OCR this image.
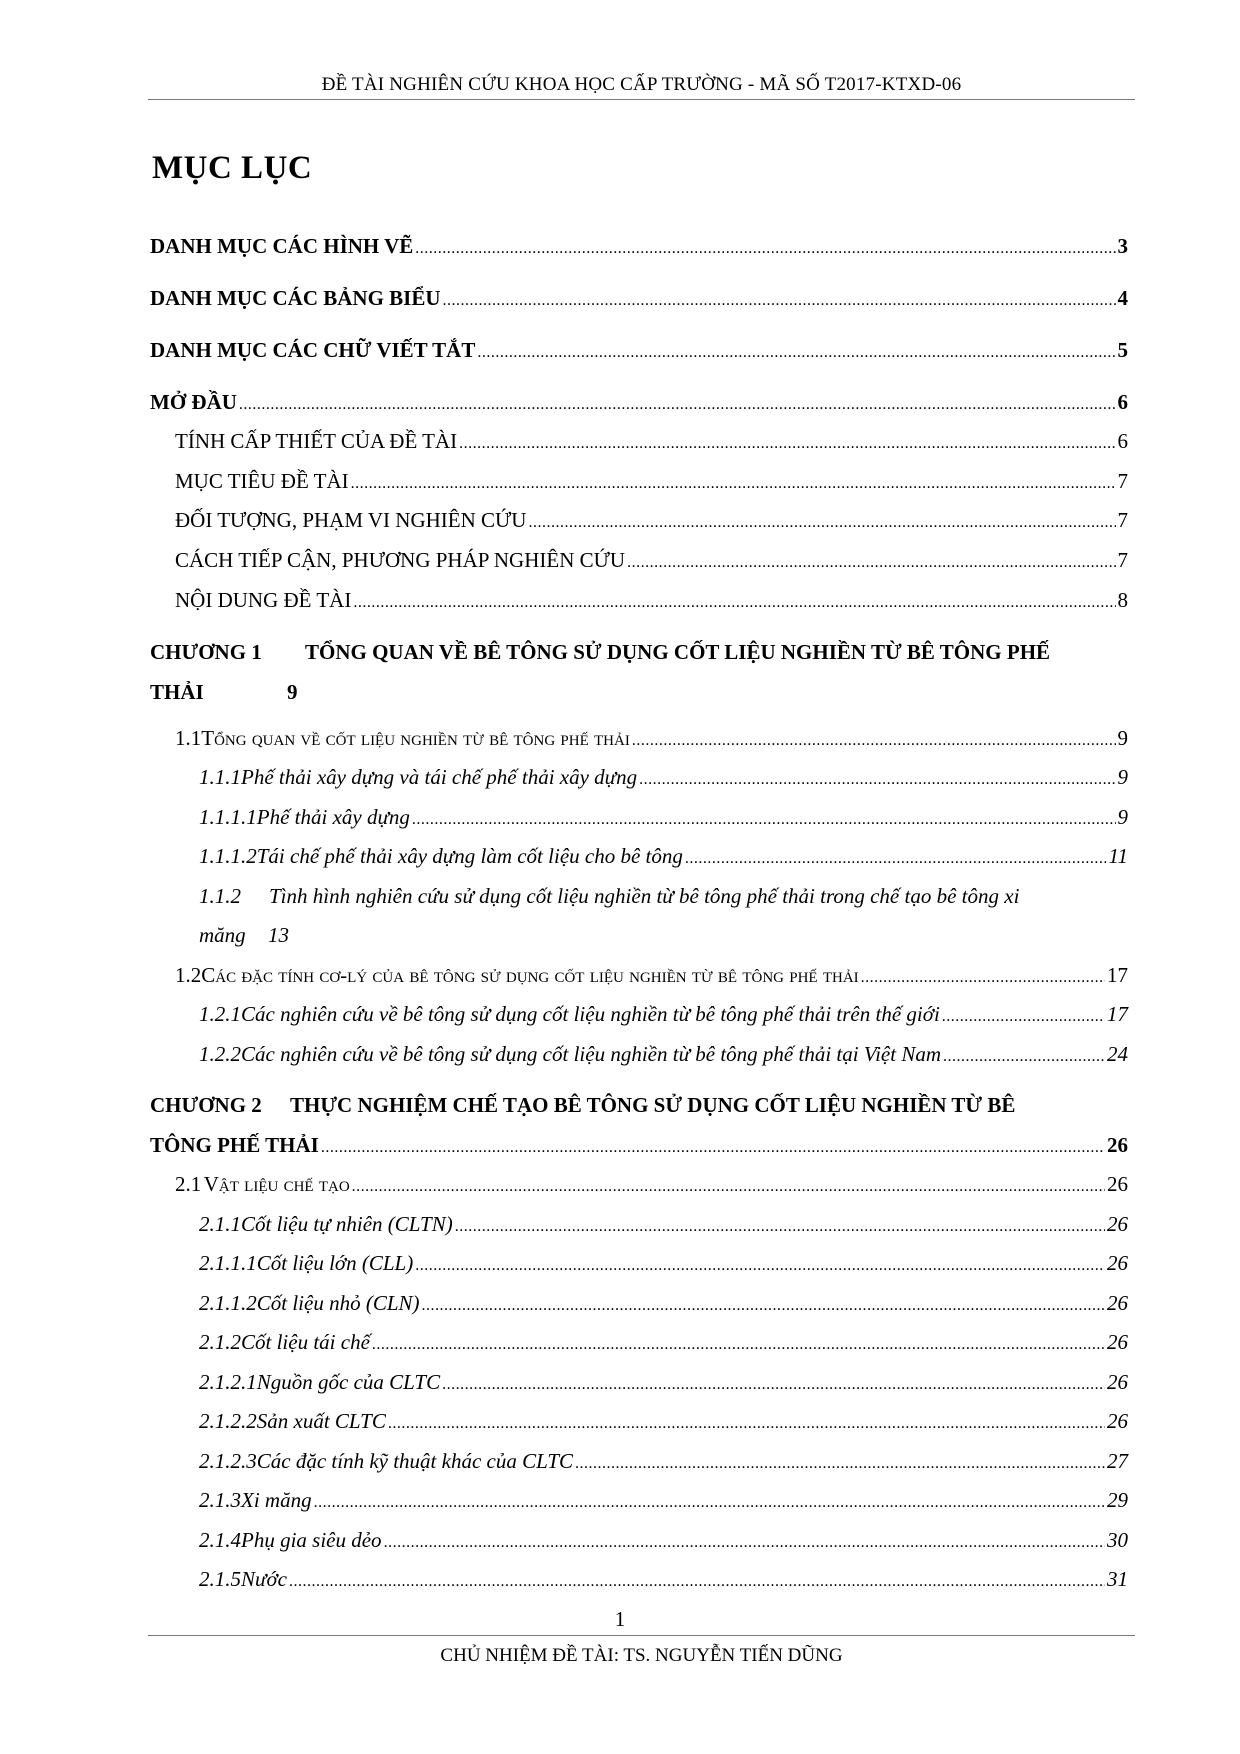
ĐỀ TÀI NGHIÊN CỨU KHOA HỌC CẤP TRƯỜNG - MÃ SỐ T2017-KTXD-06
MỤC LỤC
DANH MỤC CÁC HÌNH VẼ .....	3
DANH MỤC CÁC BẢNG BIỂU .....	4
DANH MỤC CÁC CHỮ VIẾT TẮT .....	5
MỞ ĐẦU .....	6
TÍNH CẤP THIẾT CỦA ĐỀ TÀI .....	6
MỤC TIÊU ĐỀ TÀI .....	7
ĐỐI TƯỢNG, PHẠM VI NGHIÊN CỨU .....	7
CÁCH TIẾP CẬN, PHƯƠNG PHÁP NGHIÊN CỨU .....	7
NỘI DUNG ĐỀ TÀI .....	8
CHƯƠNG 1 TỔNG QUAN VỀ BÊ TÔNG SỬ DỤNG CỐT LIỆU NGHIỀN TỪ BÊ TÔNG PHẾ
THẢI	9
1.1 Tổng quan về cốt liệu nghiền từ bê tông phế thải .....	9
1.1.1 Phế thải xây dựng và tái chế phế thải xây dựng .....	9
1.1.1.1 Phế thải xây dựng .....	9
1.1.1.2 Tái chế phế thải xây dựng làm cốt liệu cho bê tông .....	11
1.1.2 Tình hình nghiên cứu sử dụng cốt liệu nghiền từ bê tông phế thải trong chế tạo bê tông xi
măng 13
1.2 Các đặc tính cơ-lý của bê tông sử dụng cốt liệu nghiền từ bê tông phế thải .....	17
1.2.1 Các nghiên cứu về bê tông sử dụng cốt liệu nghiền từ bê tông phế thải trên thế giới .....	17
1.2.2 Các nghiên cứu về bê tông sử dụng cốt liệu nghiền từ bê tông phế thải tại Việt Nam .....	24
CHƯƠNG 2 THỰC NGHIỆM CHẾ TẠO BÊ TÔNG SỬ DỤNG CỐT LIỆU NGHIỀN TỪ BÊ
TÔNG PHẾ THẢI .....	26
2.1 Vật liệu chế tạo .....	26
2.1.1 Cốt liệu tự nhiên (CLTN) .....	26
2.1.1.1 Cốt liệu lớn (CLL) .....	26
2.1.1.2 Cốt liệu nhỏ (CLN) .....	26
2.1.2 Cốt liệu tái chế .....	26
2.1.2.1 Nguồn gốc của CLTC .....	26
2.1.2.2 Sản xuất CLTC .....	26
2.1.2.3 Các đặc tính kỹ thuật khác của CLTC .....	27
2.1.3 Xi măng .....	29
2.1.4 Phụ gia siêu dẻo .....	30
2.1.5 Nước .....	31
1
CHỦ NHIỆM ĐỀ TÀI: TS. NGUYỄN TIẾN DŨNG
